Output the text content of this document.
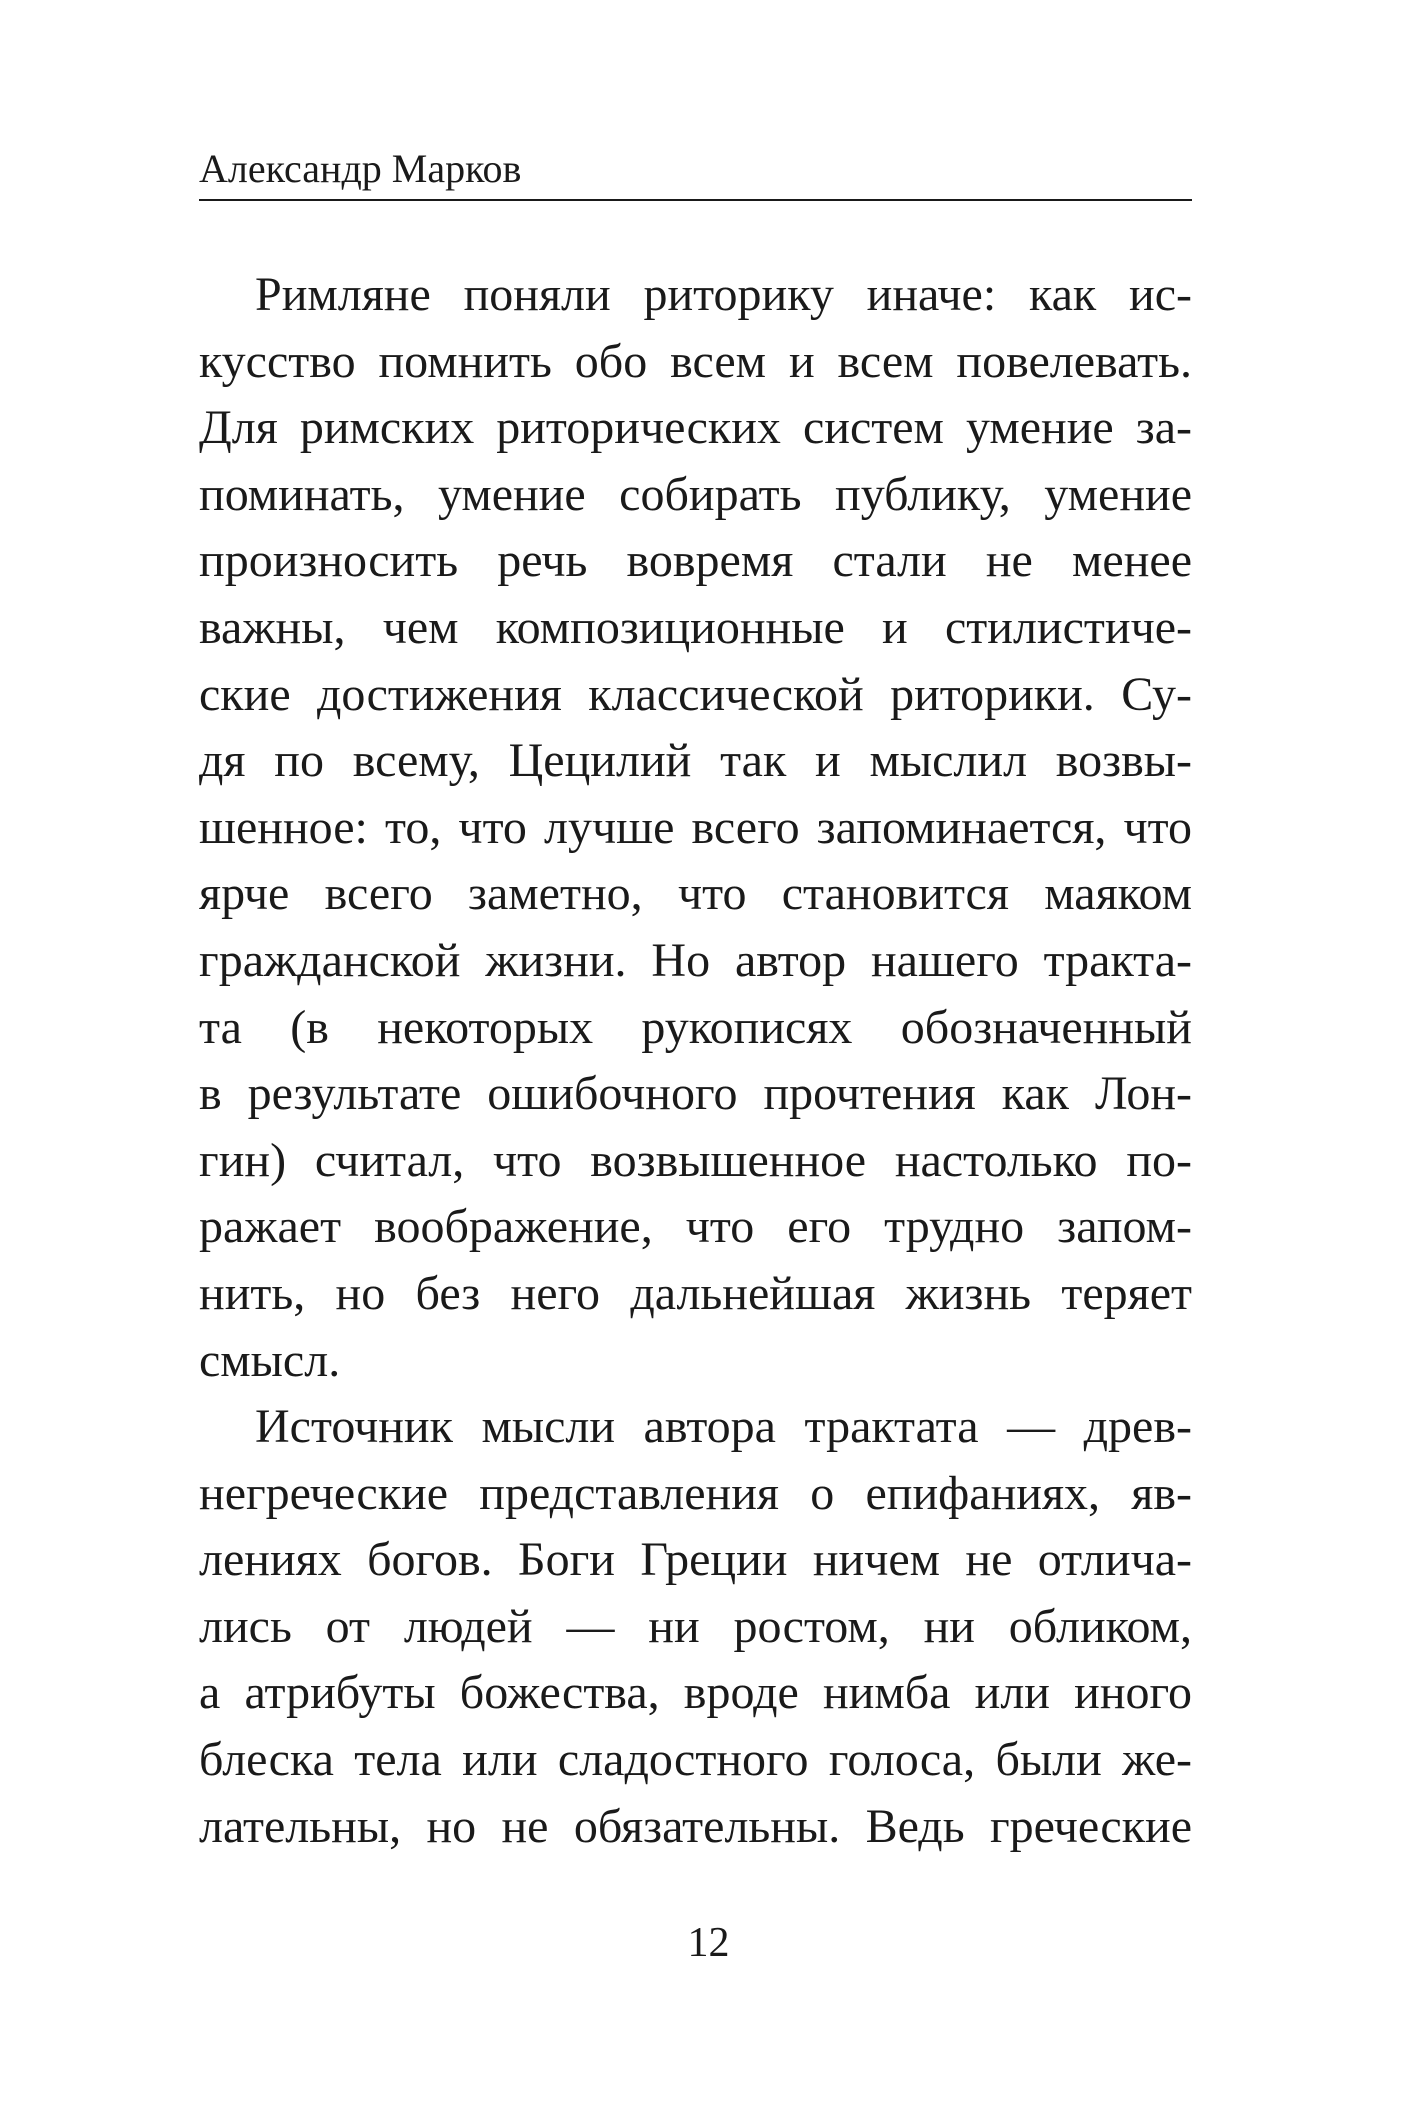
Александр Марков
Римляне поняли риторику иначе: как ис-
кусство помнить обо всем и всем повелевать.
Для римских риторических систем умение за-
поминать, умение собирать публику, умение
произносить речь вовремя стали не менее
важны, чем композиционные и стилистиче-
ские достижения классической риторики. Су-
дя по всему, Цецилий так и мыслил возвы-
шенное: то, что лучше всего запоминается, что
ярче всего заметно, что становится маяком
гражданской жизни. Но автор нашего тракта-
та (в некоторых рукописях обозначенный
в результате ошибочного прочтения как Лон-
гин) считал, что возвышенное настолько по-
ражает воображение, что его трудно запом-
нить, но без него дальнейшая жизнь теряет
смысл.
Источник мысли автора трактата — древ-
негреческие представления о епифаниях, яв-
лениях богов. Боги Греции ничем не отлича-
лись от людей — ни ростом, ни обликом,
а атрибуты божества, вроде нимба или иного
блеска тела или сладостного голоса, были же-
лательны, но не обязательны. Ведь греческие
12
